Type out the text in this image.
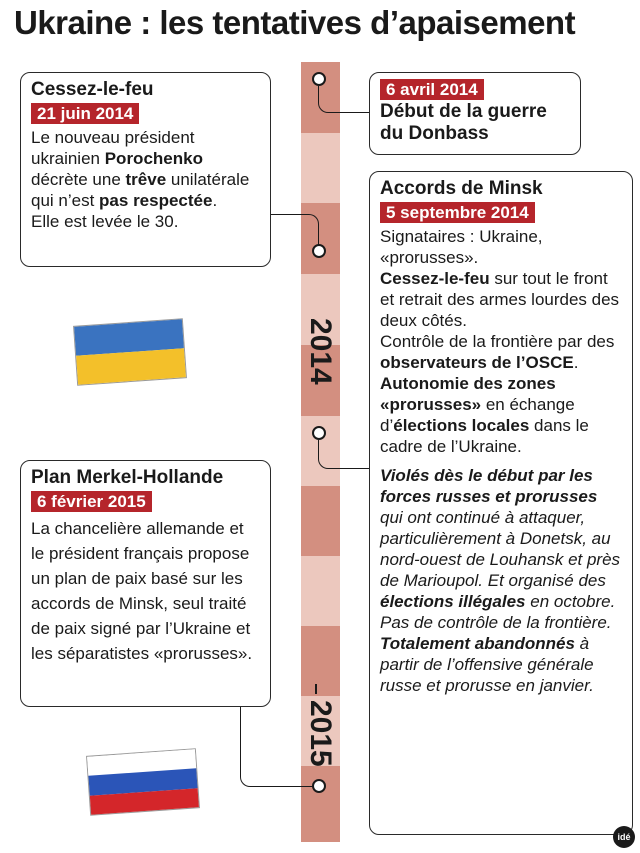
Ukraine : les tentatives d’apaisement
2014
2015
Cessez-le-feu
21 juin 2014
Le nouveau président ukrainien Porochenko décrète une trêve unilatérale qui n’est pas respectée.
Elle est levée le 30.
6 avril 2014
Début de la guerre du Donbass
Accords de Minsk
5 septembre 2014
Signataires : Ukraine, «prorusses».
Cessez-le-feu sur tout le front et retrait des armes lourdes des deux côtés.
Contrôle de la frontière par des observateurs de l’OSCE.
Autonomie des zones «prorusses» en échange d’élections locales dans le cadre de l’Ukraine.
Violés dès le début par les forces russes et prorusses qui ont continué à attaquer, particulièrement à Donetsk, au nord-ouest de Louhansk et près de Marioupol. Et organisé des élections illégales en octobre. Pas de contrôle de la frontière.
Totalement abandonnés à partir de l’offensive générale russe et prorusse en janvier.
Plan Merkel-Hollande
6 février 2015
La chancelière allemande et le président français propose un plan de paix basé sur les accords de Minsk, seul traité de paix signé par l’Ukraine et les séparatistes «prorusses».
idé
